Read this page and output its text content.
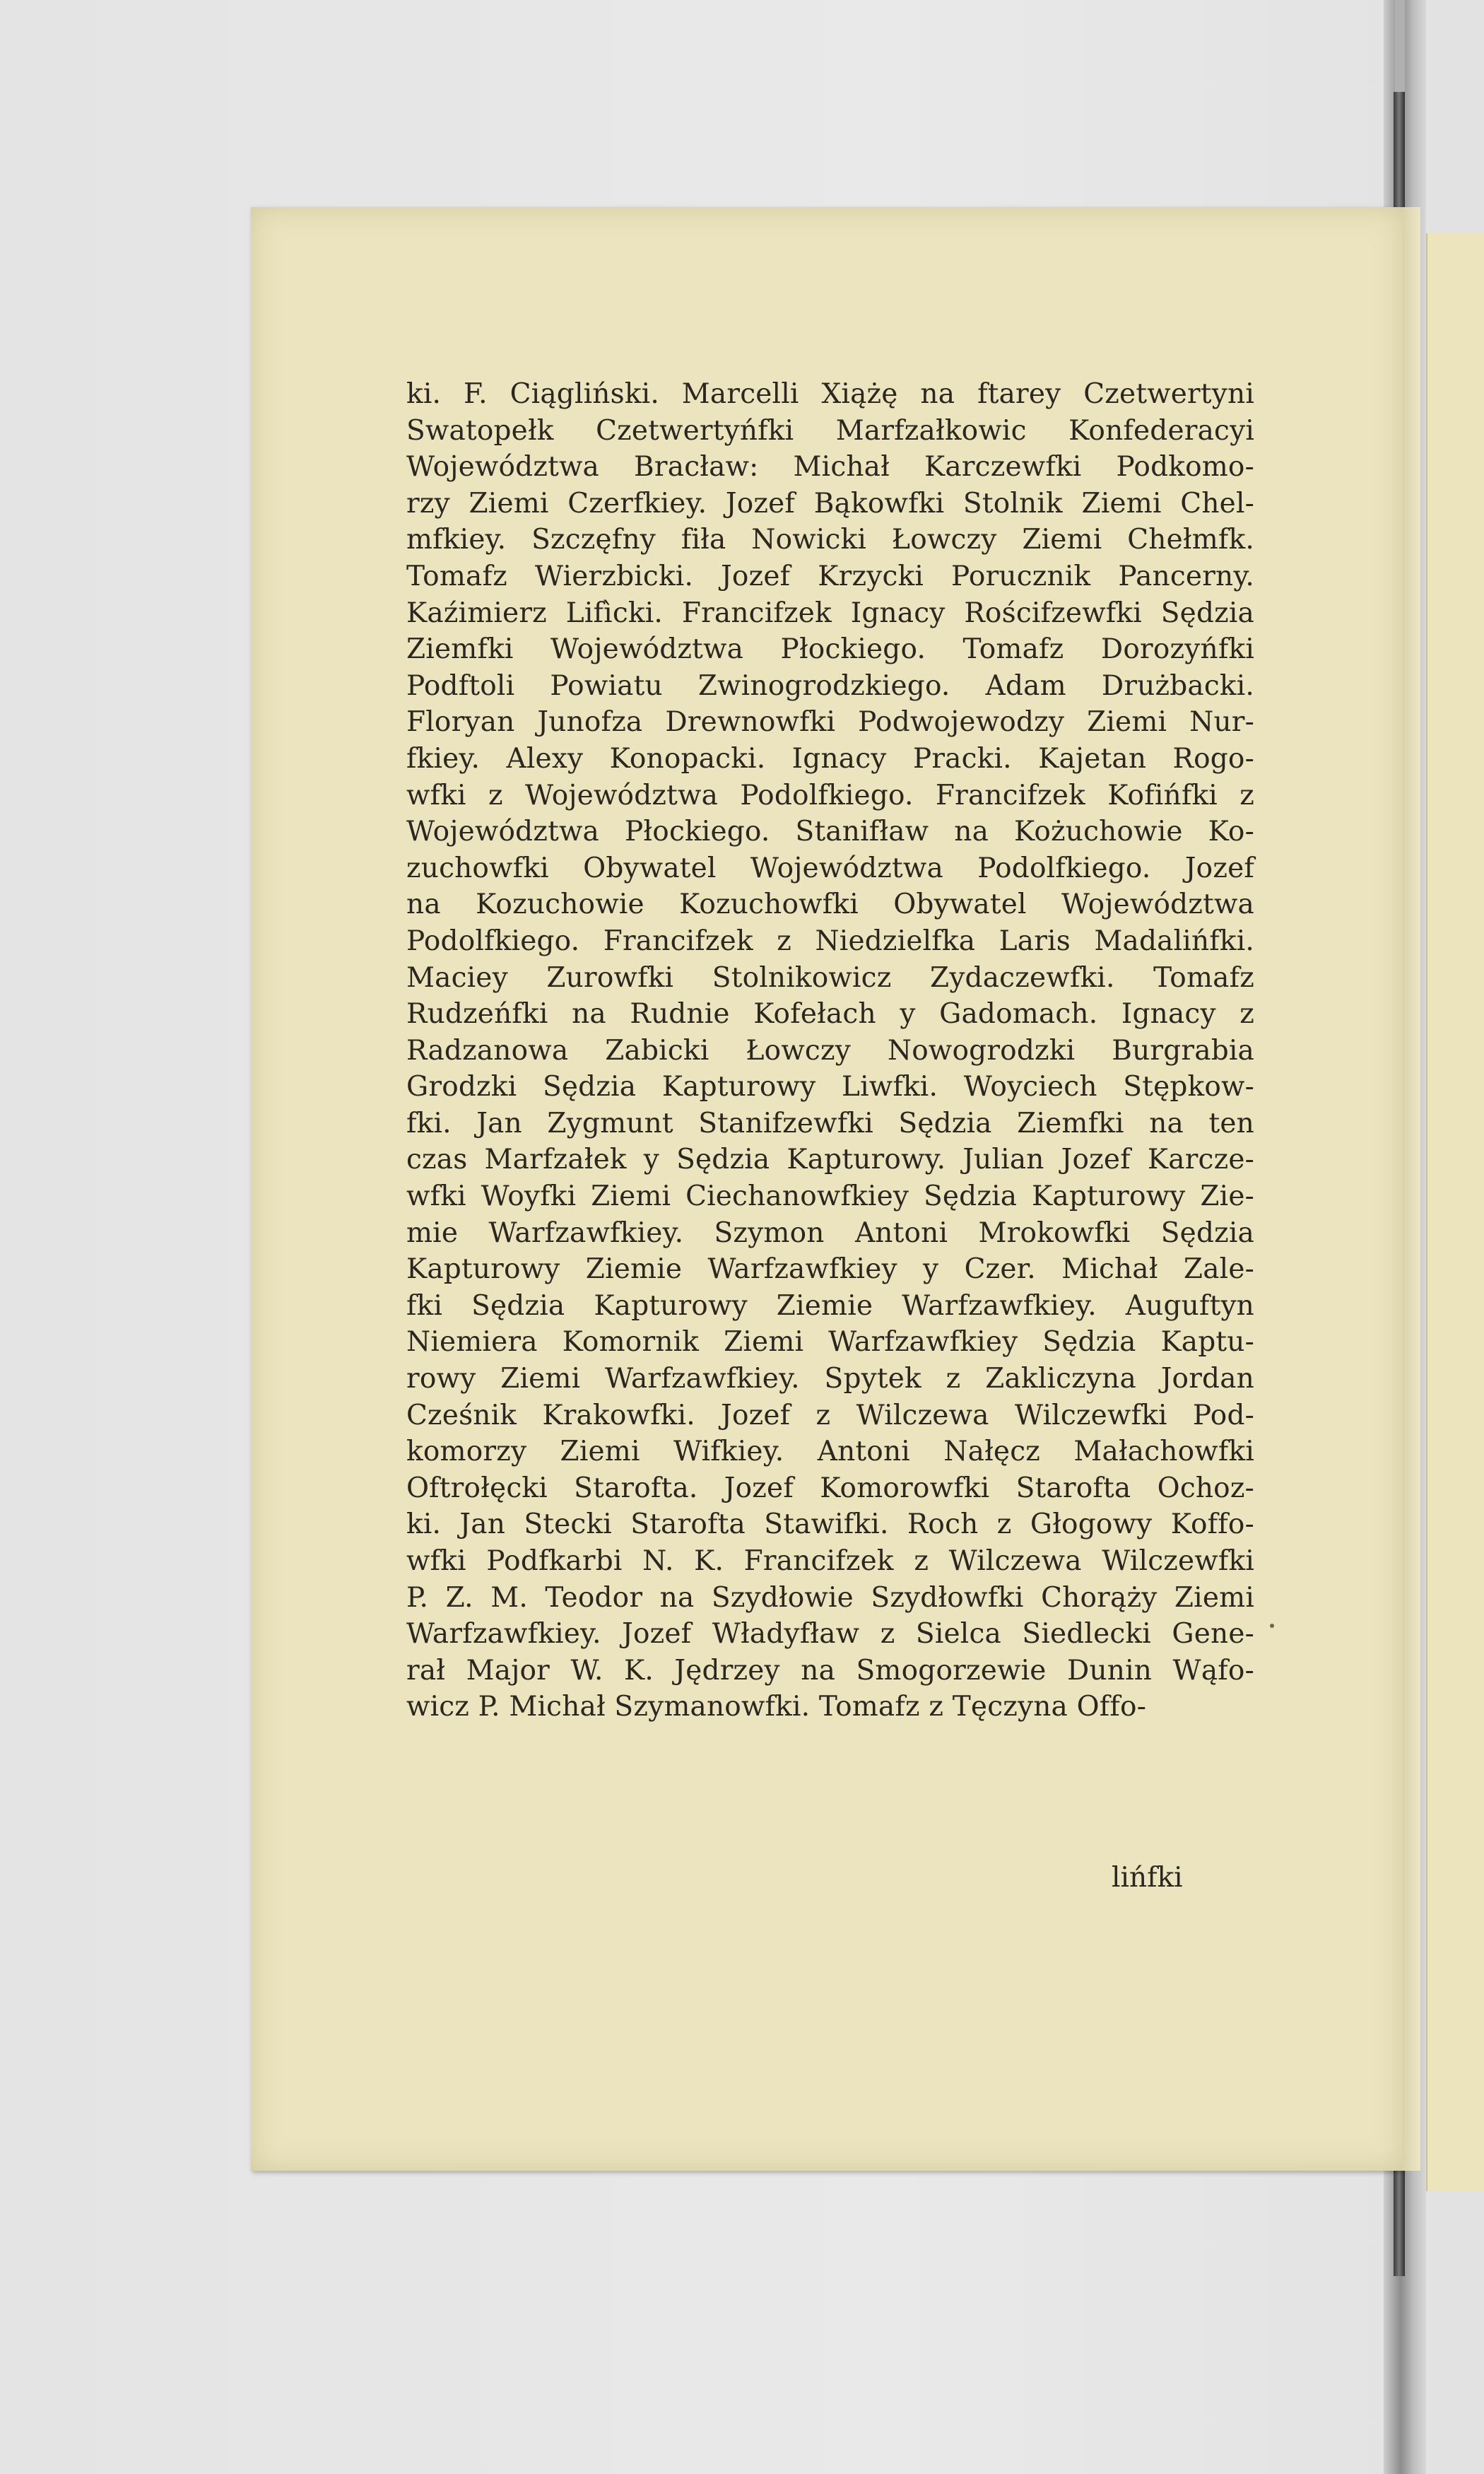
ki. F. Ciągliński. Marcelli Xiążę na ftarey Czetwertyni
Swatopełk Czetwertyńfki Marfzałkowic Konfederacyi
Województwa Bracław: Michał Karczewfki Podkomo-
rzy Ziemi Czerfkiey. Jozef Bąkowfki Stolnik Ziemi Chel-
mfkiey. Szczęfny fiła Nowicki Łowczy Ziemi Chełmfk.
Tomafz Wierzbicki. Jozef Krzycki Porucznik Pancerny.
Kaźimierz Lifìcki. Francifzek Ignacy Rościfzewfki Sędzia
Ziemfki Województwa Płockiego. Tomafz Dorozyńfki
Podftoli Powiatu Zwinogrodzkiego. Adam Drużbacki.
Floryan Junofza Drewnowfki Podwojewodzy Ziemi Nur-
fkiey. Alexy Konopacki. Ignacy Pracki. Kajetan Rogo-
wfki z Województwa Podolfkiego. Francifzek Kofińfki z
Województwa Płockiego. Stanifław na Kożuchowie Ko-
zuchowfki Obywatel Województwa Podolfkiego. Jozef
na Kozuchowie Kozuchowfki Obywatel Województwa
Podolfkiego. Francifzek z Niedzielfka Laris Madalińfki.
Maciey Zurowfki Stolnikowicz Zydaczewfki. Tomafz
Rudzeńfki na Rudnie Kofełach y Gadomach. Ignacy z
Radzanowa Zabicki Łowczy Nowogrodzki Burgrabia
Grodzki Sędzia Kapturowy Liwfki. Woyciech Stępkow-
fki. Jan Zygmunt Stanifzewfki Sędzia Ziemfki na ten
czas Marfzałek y Sędzia Kapturowy. Julian Jozef Karcze-
wfki Woyfki Ziemi Ciechanowfkiey Sędzia Kapturowy Zie-
mie Warfzawfkiey. Szymon Antoni Mrokowfki Sędzia
Kapturowy Ziemie Warfzawfkiey y Czer. Michał Zale-
fki Sędzia Kapturowy Ziemie Warfzawfkiey. Auguftyn
Niemiera Komornik Ziemi Warfzawfkiey Sędzia Kaptu-
rowy Ziemi Warfzawfkiey. Spytek z Zakliczyna Jordan
Cześnik Krakowfki. Jozef z Wilczewa Wilczewfki Pod-
komorzy Ziemi Wifkiey. Antoni Nałęcz Małachowfki
Oftrołęcki Starofta. Jozef Komorowfki Starofta Ochoz-
ki. Jan Stecki Starofta Stawifki. Roch z Głogowy Koffo-
wfki Podfkarbi N. K. Francifzek z Wilczewa Wilczewfki
P. Z. M. Teodor na Szydłowie Szydłowfki Chorąży Ziemi
Warfzawfkiey. Jozef Władyfław z Sielca Siedlecki Gene-
rał Major W. K. Jędrzey na Smogorzewie Dunin Wąfo-
wicz P. Michał Szymanowfki. Tomafz z Tęczyna Offo-
lińfki
